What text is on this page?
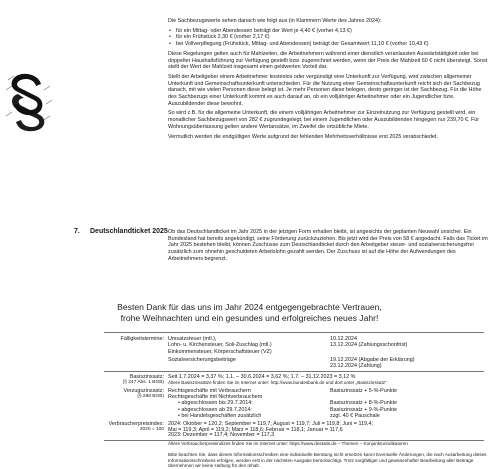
Die Sachbezugswerte sehen danach wie folgt aus (in Klammern Werte des Jahres 2024):

• für ein Mittag- oder Abendessen beträgt der Wert je 4,40 € (vorher 4,13 €)
• für ein Frühstück 2,30 € (vorher 2,17 €)
• bei Vollverpflegung (Frühstück, Mittag- und Abendessen) beträgt der Gesamtwert 11,10 € (vorher 10,43 €)

Diese Regelungen gelten auch für Mahlzeiten, die Arbeitnehmern während einer dienstlich veranlassten Auswärtstätigkeit oder bei doppelter Haushaltsführung zur Verfügung gestellt bzw. zugerechnet werden, wenn der Preis der Mahlzeit 60 € nicht übersteigt. Sonst stellt der Wert der Mahlzeit insgesamt einen geldwerten Vorteil dar.

Stellt der Arbeitgeber einem Arbeitnehmer kostenlos oder vergünstigt eine Unterkunft zur Verfügung, wird zwischen allgemeiner Unterkunft und Gemeinschaftsunterkunft unterschieden. Für die Nutzung einer Gemeinschaftsunterkunft reicht sich der Sachbezug danach, mit wie vielen Personen diese belegt ist. Je mehr Personen diese belegen, desto geringer ist der Sachbezug. Für die Höhe des Sachbezugs einer Unterkunft kommt es auch darauf an, ob ein volljähriger Arbeitnehmer oder ein Jugendlicher bzw. Auszubildender diese bewohnt.

So wird z.B. für die allgemeine Unterkunft, die einem volljährigen Arbeitnehmer zur Einzelnutzung zur Verfügung gestellt wird, ein monatlicher Sachbezugswert von 282 € zugrundegelegt, bei einem Jugendlichen oder Auszubildenden hingegen nur 239,70 €. Für Wohnungsüberlassung gelten andere Wertansätze, im Zweifel die ortsübliche Miete.

Vermutlich werden die endgültigen Werte aufgrund der fehlenden Mehrheitsverhältnisse erst 2025 verabschiedet.

7. Deutschlandticket 2025 Ob das Deutschlandticket im Jahr 2025 in der jetzigen Form erhalten bleibt, ist angesichts der geplanten Neuwahl unsicher. Ein Bundesland hat bereits angekündigt, seine Förderung zurückzuziehen. Bis jetzt wird der Preis von 58 € angedacht. Falls das Ticket im Jahr 2025 bestehen bleibt, können Zuschüsse zum Deutschlandticket durch den Arbeitgeber steuer- und sozialversicherungsfrei zusätzlich zum ohnehin geschuldeten Arbeitslohn gezahlt werden. Der Zuschuss ist auf die Höhe der Aufwendungen des Arbeitnehmers begrenzt.

Besten Dank für das uns im Jahr 2024 entgegengebrachte Vertrauen,
frohe Weihnachten und ein gesundes und erfolgreiches neues Jahr!
Fälligkeitstermine: Umsatzsteuer (mtl.),	10.12.2024
Lohn- u. Kirchensteuer, Soli-Zuschlag (mtl.)	13.12.2024 (Zahlungsschonfrist)
Einkommensteuer, Körperschaftsteuer (VZ)
Sozialversicherungsbeiträge	19.12.2024 (Abgabe der Erklärung)
23.12.2024 (Zahlung)
Basiszinssatz:
(§ 247 Abs. 1 BGB)
Seit 1.7.2024 = 3,37 %; 1.1. – 30.6.2024 = 3,62 %; 1.7. – 31.12.2023 = 3,12 %
Ältere Basiszinssätze finden Sie im Internet unter: http://www.bundesbank.de und dort unter „Basiszinssatz“
Verzugszinssatz:
(§ 288 BGB)
Rechtsgeschäfte mit Verbrauchern	Basiszinssatz + 5-%-Punkte
Rechtsgeschäfte mit Nichtverbrauchern
• abgeschlossen bis 29.7.2014:	Basiszinssatz + 8-%-Punkte
• abgeschlossen ab 29.7.2014:	Basiszinssatz + 9-%-Punkte
• bei Handelsgeschäften zusätzlich	zzgl. 40 € Pauschale
Verbraucherpreisindex:
2020 = 100
2024: Oktober = 120,2; September = 119,7; August = 119,7; Juli = 119,8; Juni = 119,4;
Mai = 119,3; April = 119,2; März = 118,6; Februar = 118,1; Januar = 117,6
2023: Dezember = 117,4; November = 117,3
Ältere Verbraucherpreisindizes finden Sie im Internet unter: https://www.destatis.de – Themen – Konjunkturindikatoren
Bitte beachten Sie, dass dieses Informationsschreiben eine individuelle Beratung nicht ersetzen kann! Eventuelle Änderungen, die nach Ausarbeitung dieses Informationsschreibens erfolgen, werden erst in der nächsten Ausgabe berücksichtigt. Trotz sorgfältiger und gewissenhafter Bearbeitung aller Beiträge übernehmen wir keine Haftung für den Inhalt.
